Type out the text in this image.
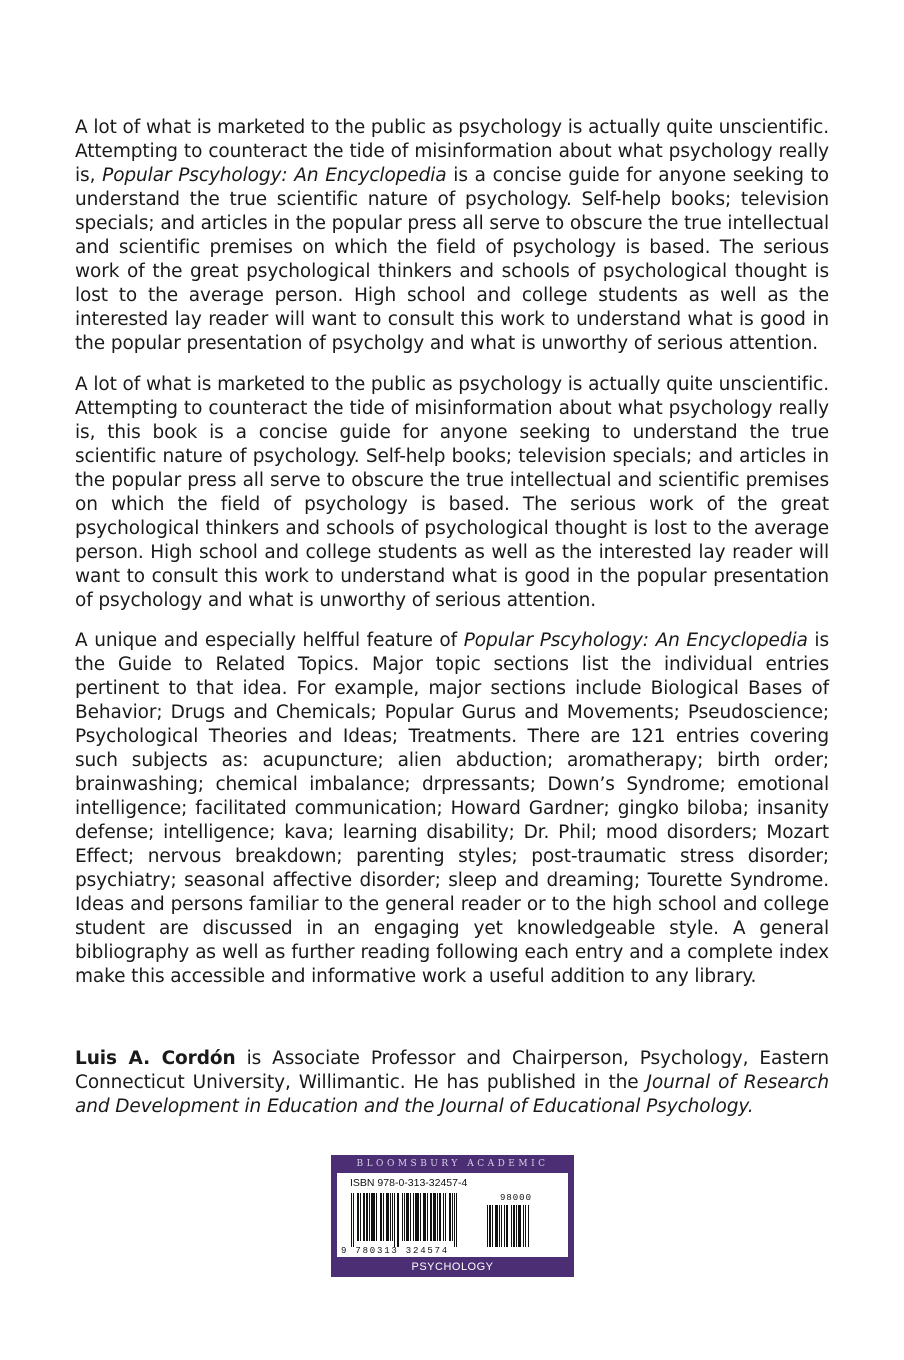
A lot of what is marketed to the public as psychology is actually quite unscientific. Attempting to counteract the tide of misinformation about what psychology really is, Popular Pscyhology: An Encyclopedia is a concise guide for anyone seeking to understand the true scientific nature of psychology. Self-help books; television specials; and articles in the popular press all serve to obscure the true intellectual and scientific premises on which the field of psychology is based. The serious work of the great psychological thinkers and schools of psychological thought is lost to the average person. High school and college students as well as the interested lay reader will want to consult this work to understand what is good in the popular presentation of psycholgy and what is unworthy of serious attention.

A lot of what is marketed to the public as psychology is actually quite unscientific. Attempting to counteract the tide of misinformation about what psychology really is, this book is a concise guide for anyone seeking to understand the true scientific nature of psychology. Self-help books; television specials; and articles in the popular press all serve to obscure the true intellectual and scientific premises on which the field of psychology is based. The serious work of the great psychological thinkers and schools of psychological thought is lost to the average person. High school and college students as well as the interested lay reader will want to consult this work to understand what is good in the popular presentation of psychology and what is unworthy of serious attention.

A unique and especially helfful feature of Popular Pscyhology: An Encyclopedia is the Guide to Related Topics. Major topic sections list the individual entries pertinent to that idea. For example, major sections include Biological Bases of Behavior; Drugs and Chemicals; Popular Gurus and Movements; Pseudoscience; Psychological Theories and Ideas; Treatments. There are 121 entries covering such subjects as: acupuncture; alien abduction; aromatherapy; birth order; brainwashing; chemical imbalance; drpressants; Down’s Syndrome; emotional intelligence; facilitated communication; Howard Gardner; gingko biloba; insanity defense; intelligence; kava; learning disability; Dr. Phil; mood disorders; Mozart Effect; nervous breakdown; parenting styles; post-traumatic stress disorder; psychiatry; seasonal affective disorder; sleep and dreaming; Tourette Syndrome. Ideas and persons familiar to the general reader or to the high school and college student are discussed in an engaging yet knowledgeable style. A general bibliography as well as further reading following each entry and a complete index make this accessible and informative work a useful addition to any library.

Luis A. Cordón is Associate Professor and Chairperson, Psychology, Eastern Connecticut University, Willimantic. He has published in the Journal of Research and Development in Education and the Journal of Educational Psychology.

BLOOMSBURY ACADEMIC
ISBN 978-0-313-32457-4
98000
9 780313 324574
PSYCHOLOGY
